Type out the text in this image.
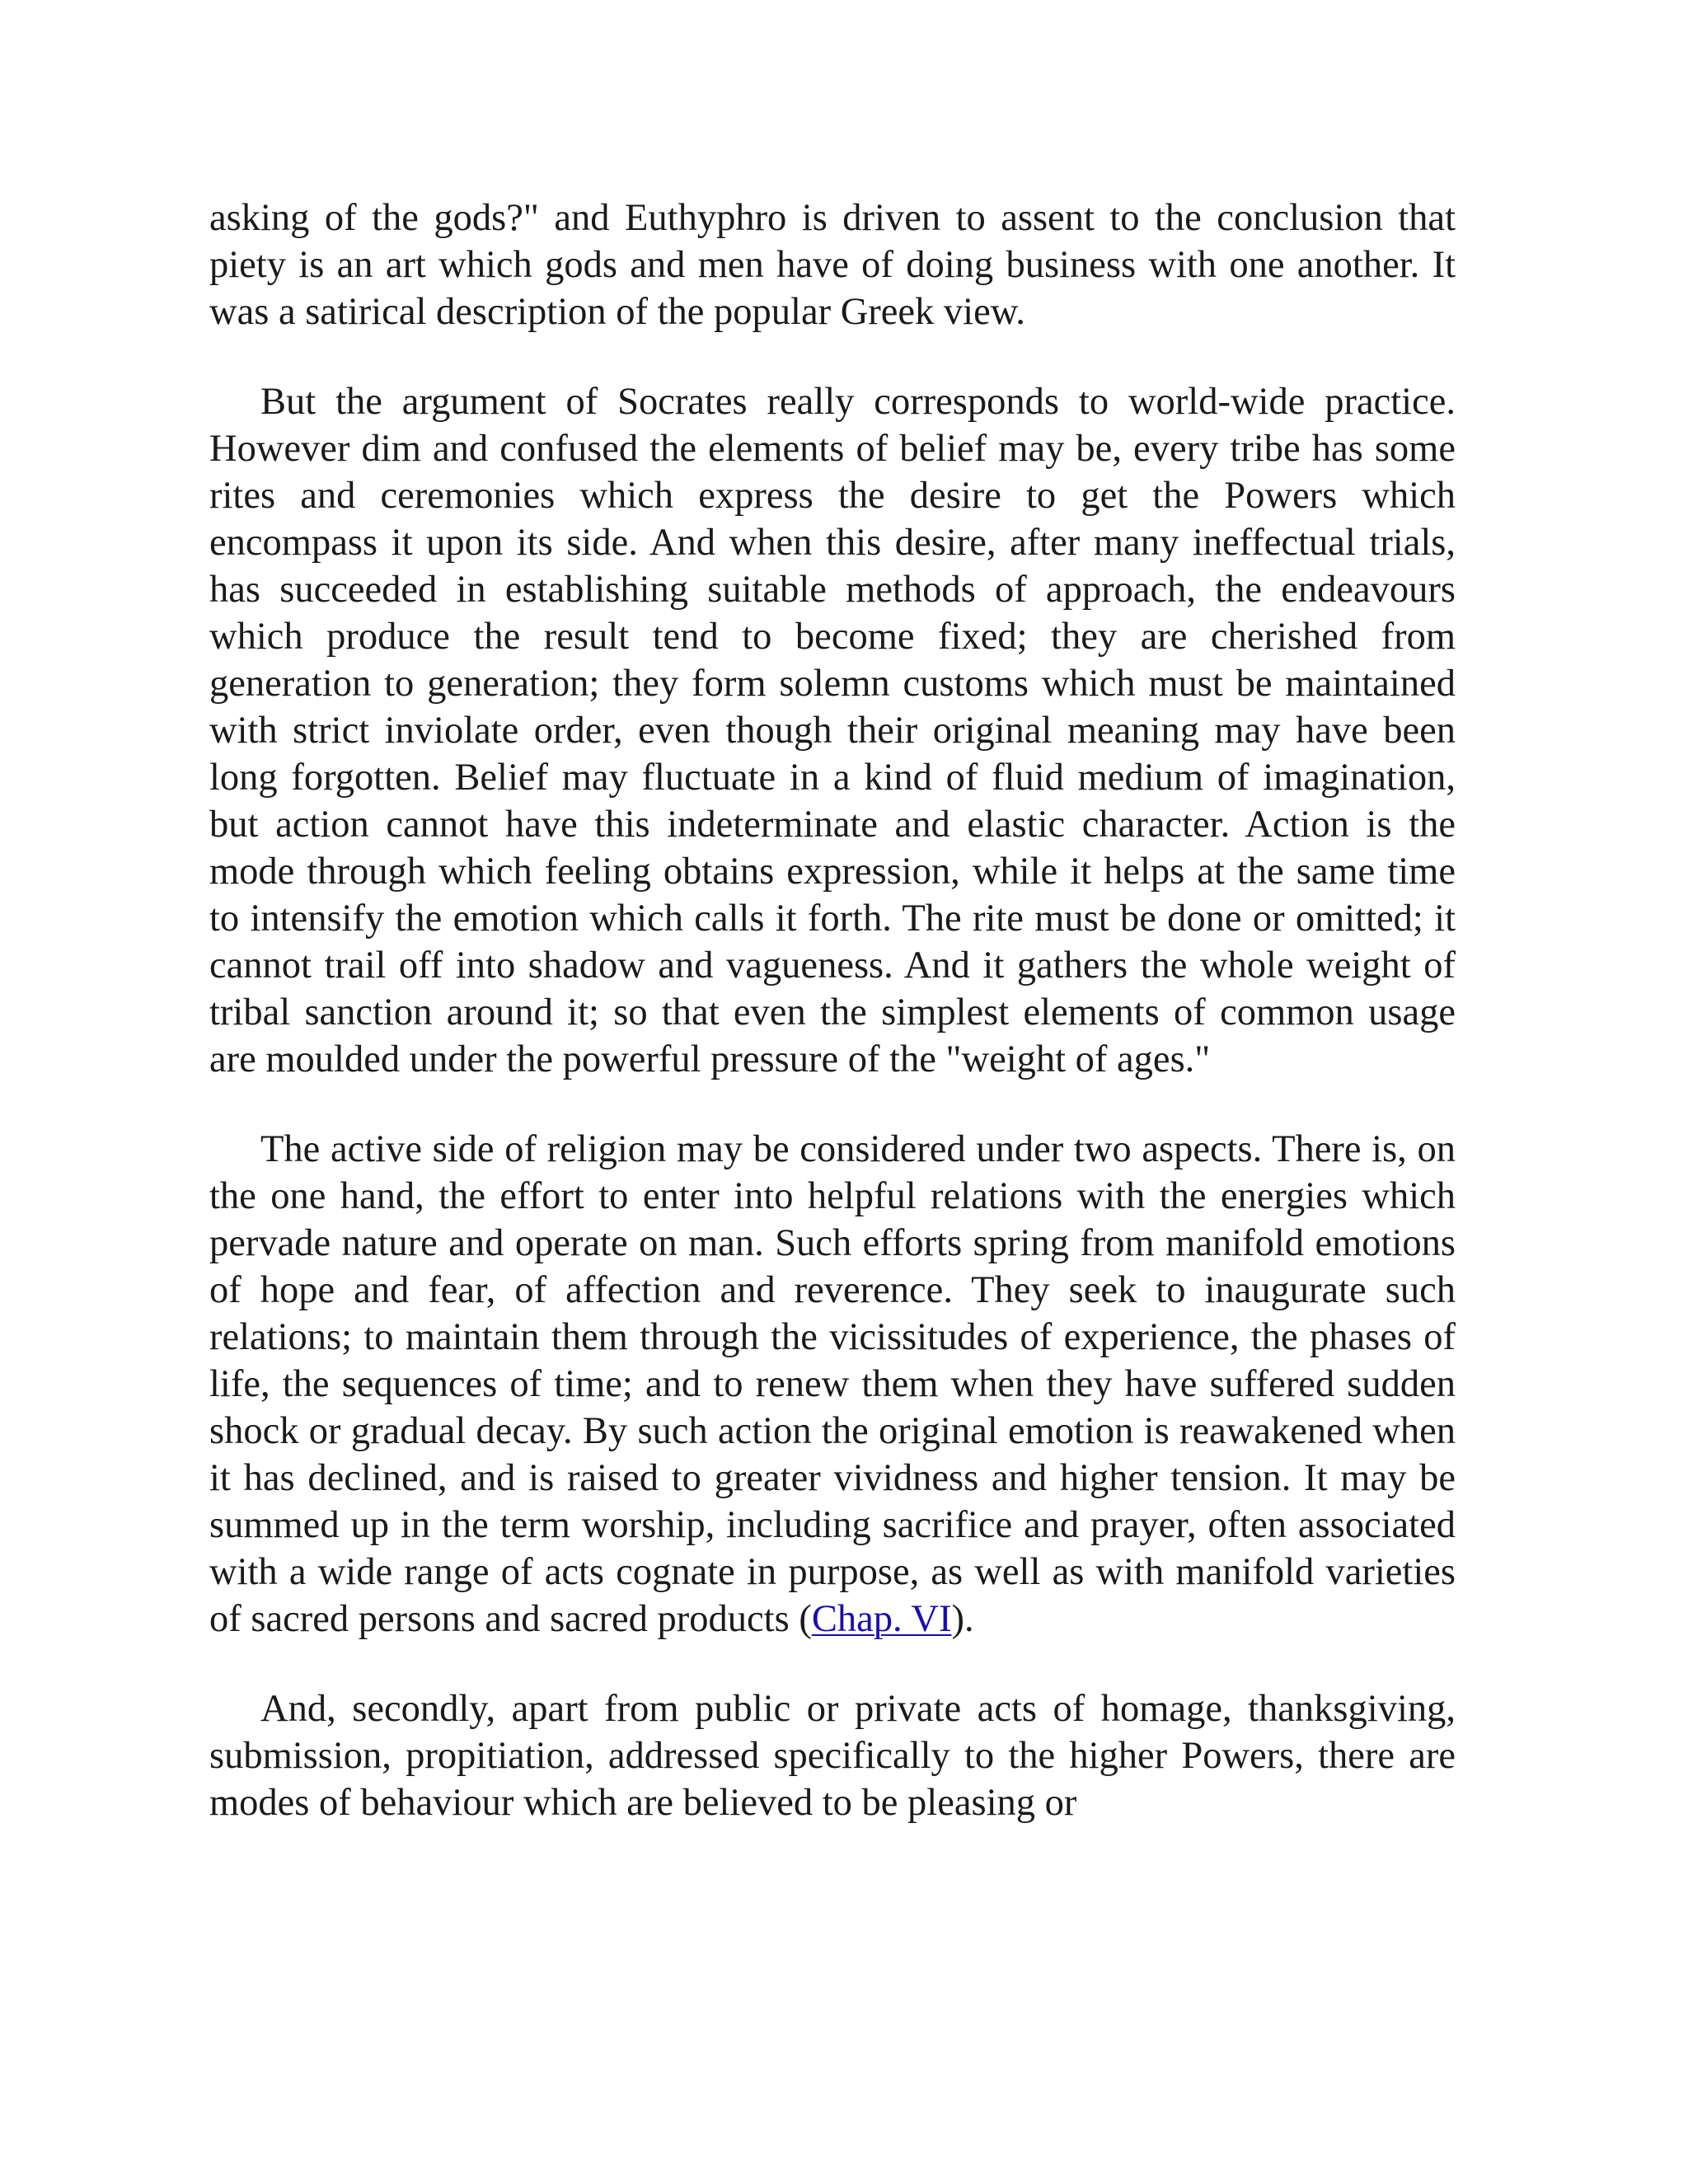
asking of the gods?" and Euthyphro is driven to assent to the conclusion that piety is an art which gods and men have of doing business with one another. It was a satirical description of the popular Greek view.

But the argument of Socrates really corresponds to world-wide practice. However dim and confused the elements of belief may be, every tribe has some rites and ceremonies which express the desire to get the Powers which encompass it upon its side. And when this desire, after many ineffectual trials, has succeeded in establishing suitable methods of approach, the endeavours which produce the result tend to become fixed; they are cherished from generation to generation; they form solemn customs which must be maintained with strict inviolate order, even though their original meaning may have been long forgotten. Belief may fluctuate in a kind of fluid medium of imagination, but action cannot have this indeterminate and elastic character. Action is the mode through which feeling obtains expression, while it helps at the same time to intensify the emotion which calls it forth. The rite must be done or omitted; it cannot trail off into shadow and vagueness. And it gathers the whole weight of tribal sanction around it; so that even the simplest elements of common usage are moulded under the powerful pressure of the "weight of ages."

The active side of religion may be considered under two aspects. There is, on the one hand, the effort to enter into helpful relations with the energies which pervade nature and operate on man. Such efforts spring from manifold emotions of hope and fear, of affection and reverence. They seek to inaugurate such relations; to maintain them through the vicissitudes of experience, the phases of life, the sequences of time; and to renew them when they have suffered sudden shock or gradual decay. By such action the original emotion is reawakened when it has declined, and is raised to greater vividness and higher tension. It may be summed up in the term worship, including sacrifice and prayer, often associated with a wide range of acts cognate in purpose, as well as with manifold varieties of sacred persons and sacred products (Chap. VI).

And, secondly, apart from public or private acts of homage, thanksgiving, submission, propitiation, addressed specifically to the higher Powers, there are modes of behaviour which are believed to be pleasing or
